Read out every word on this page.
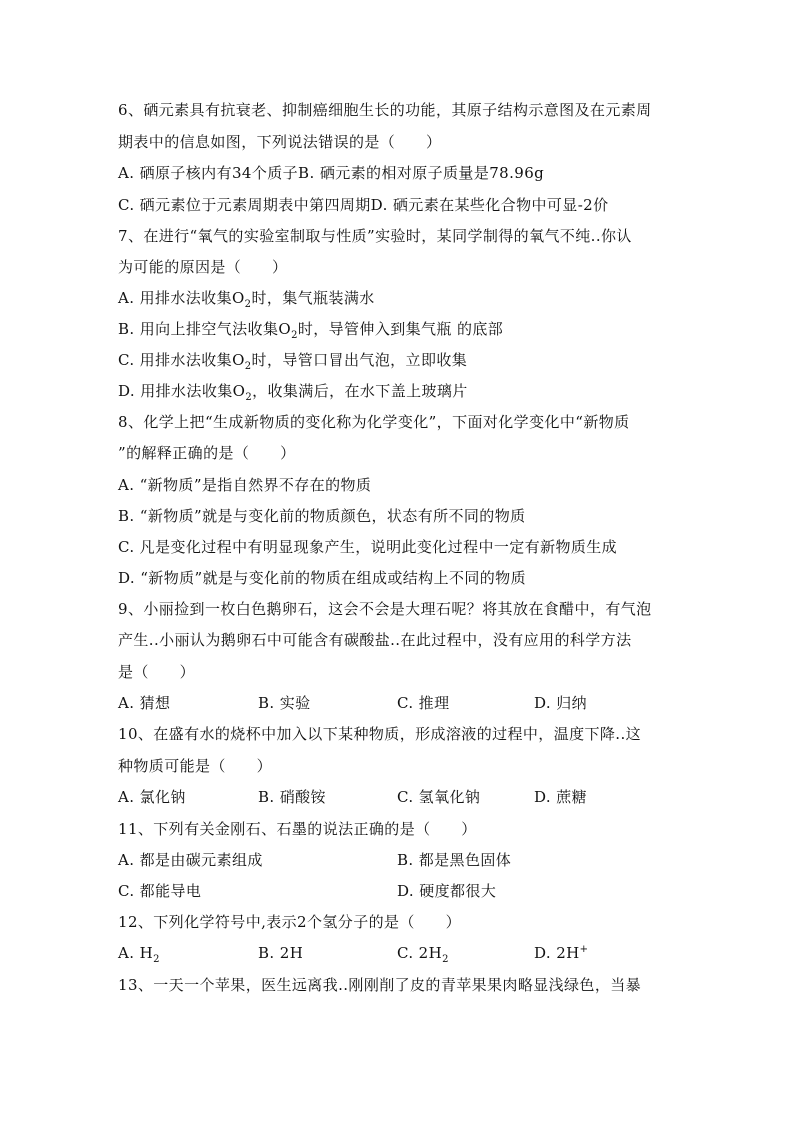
6、硒元素具有抗衰老、抑制癌细胞生长的功能，其原子结构示意图及在元素周
期表中的信息如图，下列说法错误的是（　　）
A. 硒原子核内有34个质子B. 硒元素的相对原子质量是78.96g
C. 硒元素位于元素周期表中第四周期D. 硒元素在某些化合物中可显-2价
7、在进行“氧气的实验室制取与性质”实验时，某同学制得的氧气不纯..你认
为可能的原因是（　　）
A. 用排水法收集$O_2$时，集气瓶装满水
B. 用向上排空气法收集$O_2$时，导管伸入到集气瓶 的底部
C. 用排水法收集$O_2$时，导管口冒出气泡，立即收集
D. 用排水法收集$O_2$，收集满后，在水下盖上玻璃片
8、化学上把“生成新物质的变化称为化学变化”，下面对化学变化中“新物质
”的解释正确的是（　　）
A. “新物质”是指自然界不存在的物质
B. “新物质”就是与变化前的物质颜色，状态有所不同的物质
C. 凡是变化过程中有明显现象产生，说明此变化过程中一定有新物质生成
D. “新物质”就是与变化前的物质在组成或结构上不同的物质
9、小丽捡到一枚白色鹅卵石，这会不会是大理石呢？将其放在食醋中，有气泡
产生..小丽认为鹅卵石中可能含有碳酸盐..在此过程中，没有应用的科学方法
是（　　）
A. 猜想	B. 实验	C. 推理	D. 归纳
10、在盛有水的烧杯中加入以下某种物质，形成溶液的过程中，温度下降..这
种物质可能是（　　）
A. 氯化钠	B. 硝酸铵	C. 氢氧化钠	D. 蔗糖
11、下列有关金刚石、石墨的说法正确的是（　　）
A. 都是由碳元素组成	B. 都是黑色固体
C. 都能导电	D. 硬度都很大
12、下列化学符号中,表示2个氢分子的是（　　）
A. $H_2$	B. 2H	C. $2H_2$	D. 2H+
13、一天一个苹果，医生远离我..刚刚削了皮的青苹果果肉略显浅绿色，当暴
